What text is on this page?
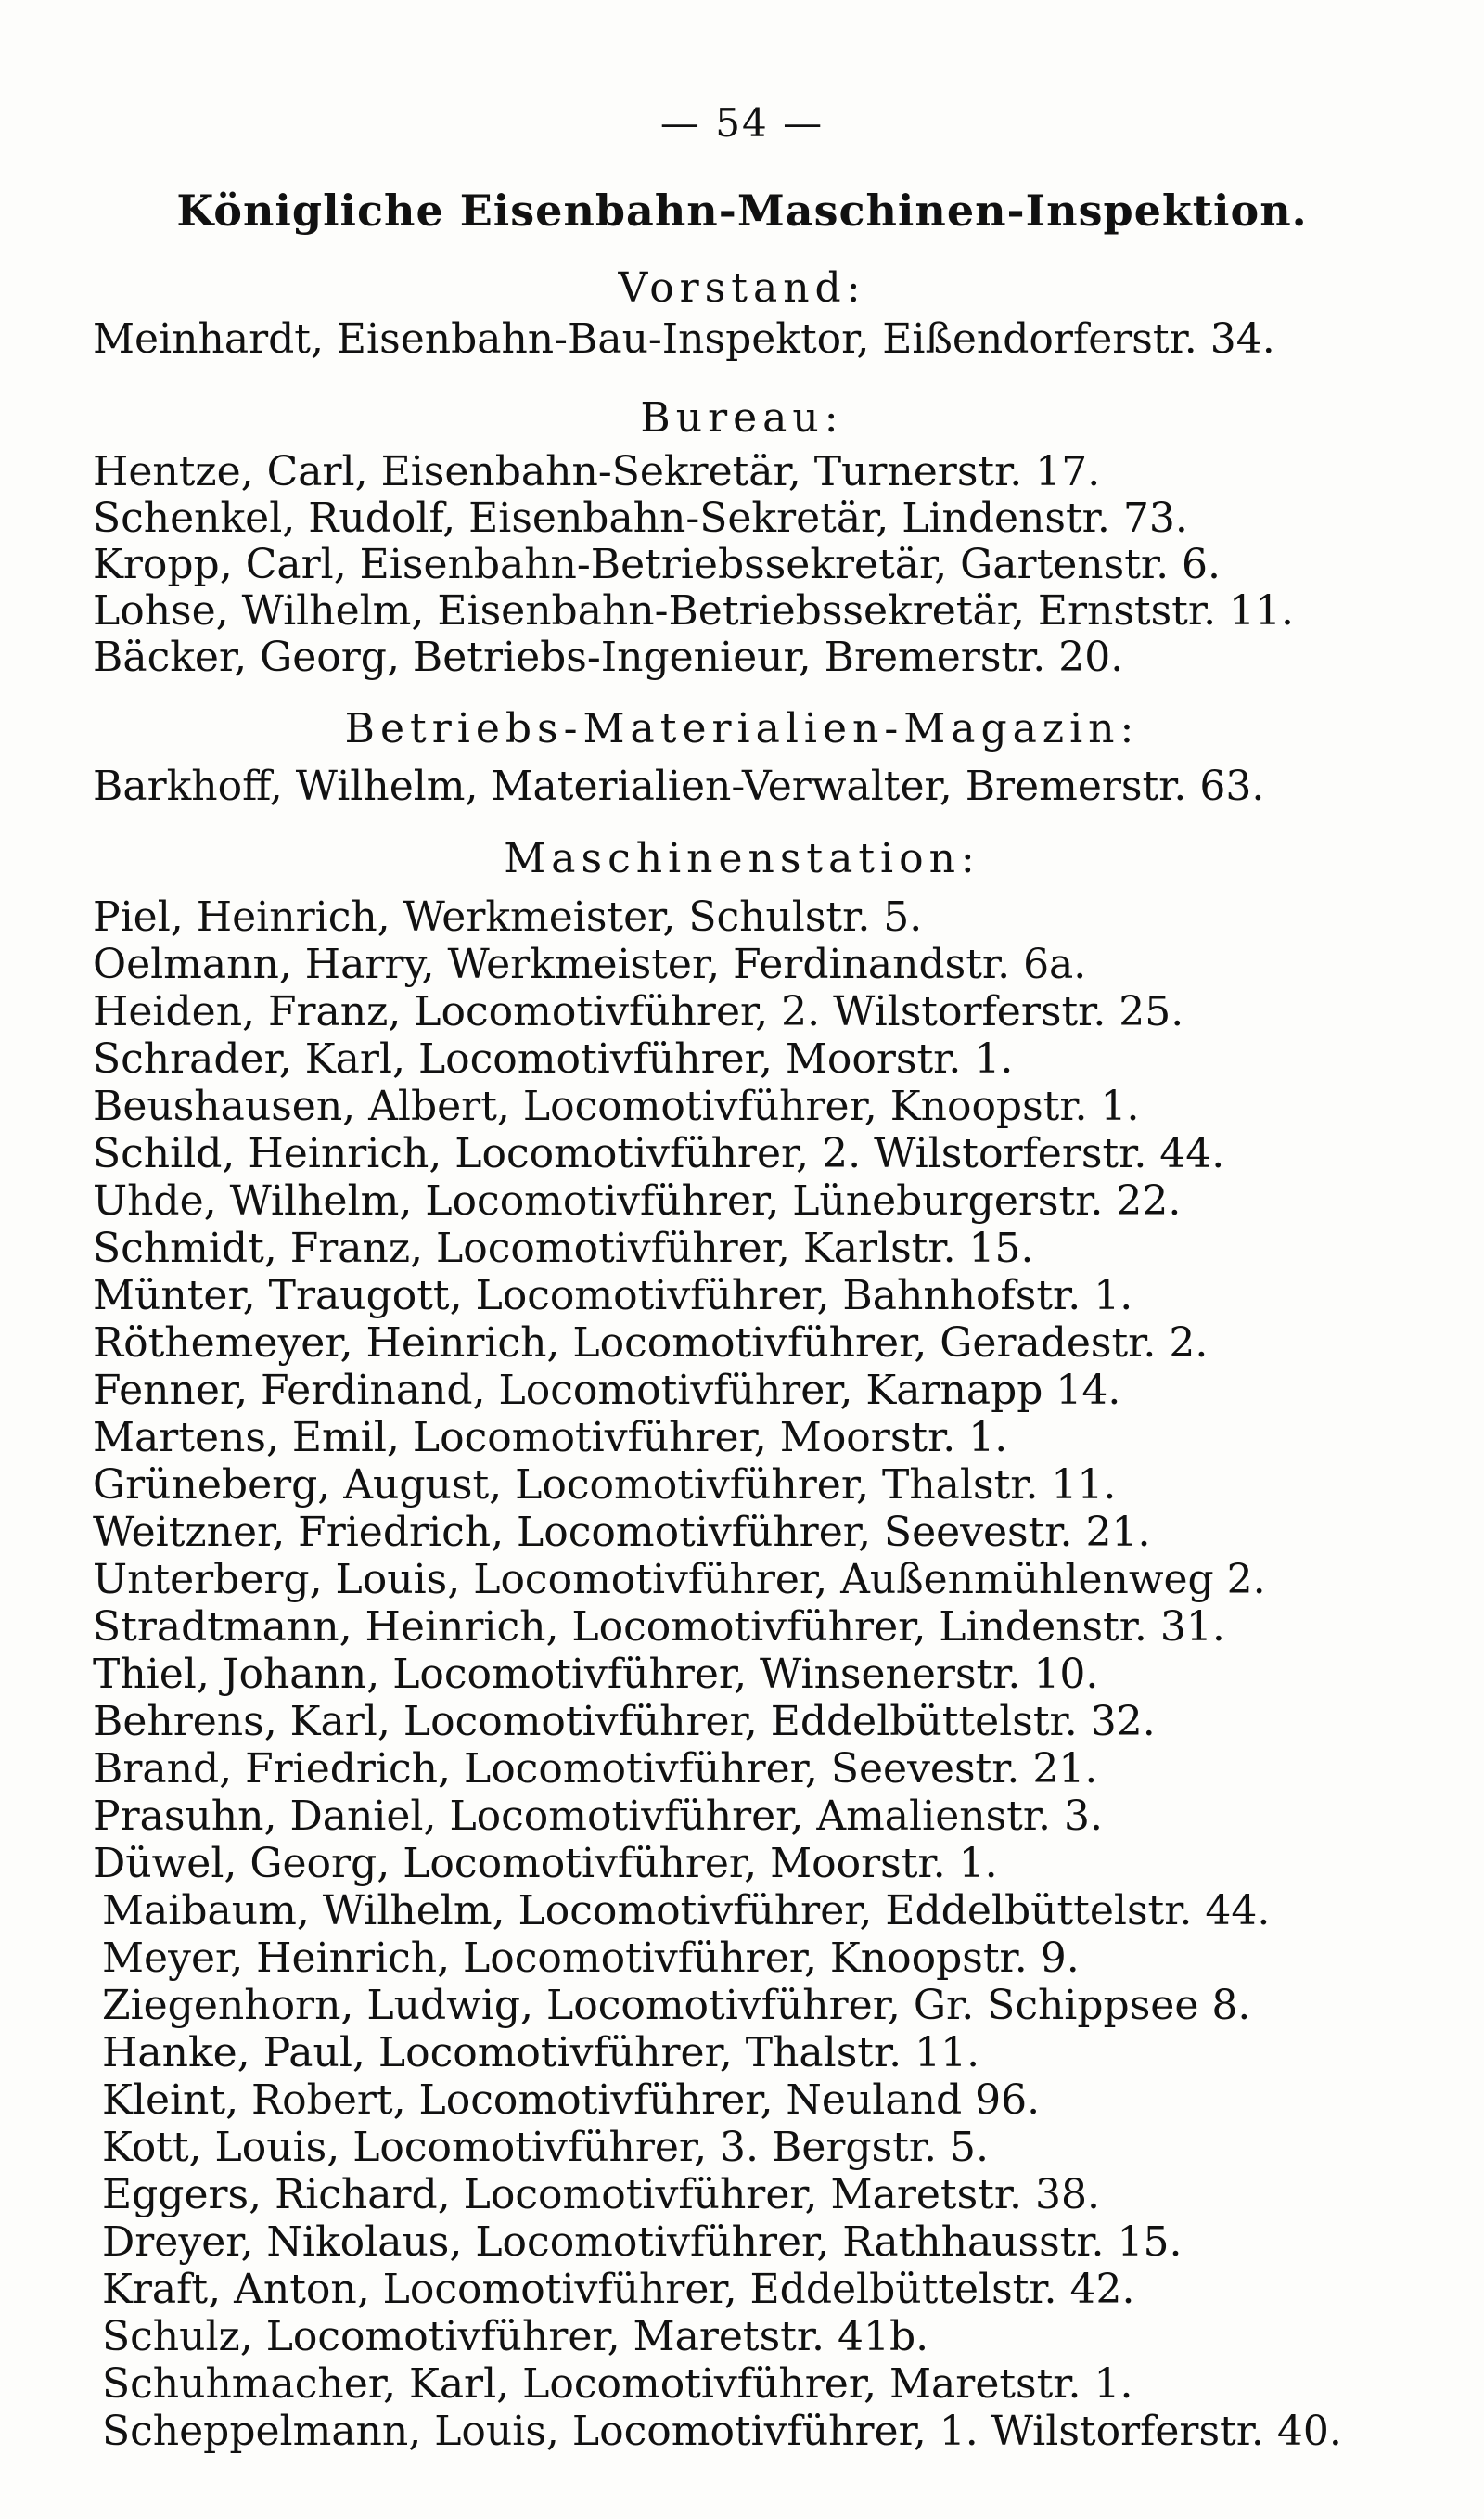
— 54 —
Königliche Eisenbahn-Maschinen-Inspektion.
Vorstand:
Meinhardt, Eisenbahn-Bau-Inspektor, Eißendorferstr. 34.
Bureau:
Hentze, Carl, Eisenbahn-Sekretär, Turnerstr. 17.
Schenkel, Rudolf, Eisenbahn-Sekretär, Lindenstr. 73.
Kropp, Carl, Eisenbahn-Betriebssekretär, Gartenstr. 6.
Lohse, Wilhelm, Eisenbahn-Betriebssekretär, Ernststr. 11.
Bäcker, Georg, Betriebs-Ingenieur, Bremerstr. 20.
Betriebs-Materialien-Magazin:
Barkhoff, Wilhelm, Materialien-Verwalter, Bremerstr. 63.
Maschinenstation:
Piel, Heinrich, Werkmeister, Schulstr. 5.
Oelmann, Harry, Werkmeister, Ferdinandstr. 6a.
Heiden, Franz, Locomotivführer, 2. Wilstorferstr. 25.
Schrader, Karl, Locomotivführer, Moorstr. 1.
Beushausen, Albert, Locomotivführer, Knoopstr. 1.
Schild, Heinrich, Locomotivführer, 2. Wilstorferstr. 44.
Uhde, Wilhelm, Locomotivführer, Lüneburgerstr. 22.
Schmidt, Franz, Locomotivführer, Karlstr. 15.
Münter, Traugott, Locomotivführer, Bahnhofstr. 1.
Röthemeyer, Heinrich, Locomotivführer, Geradestr. 2.
Fenner, Ferdinand, Locomotivführer, Karnapp 14.
Martens, Emil, Locomotivführer, Moorstr. 1.
Grüneberg, August, Locomotivführer, Thalstr. 11.
Weitzner, Friedrich, Locomotivführer, Seevestr. 21.
Unterberg, Louis, Locomotivführer, Außenmühlenweg 2.
Stradtmann, Heinrich, Locomotivführer, Lindenstr. 31.
Thiel, Johann, Locomotivführer, Winsenerstr. 10.
Behrens, Karl, Locomotivführer, Eddelbüttelstr. 32.
Brand, Friedrich, Locomotivführer, Seevestr. 21.
Prasuhn, Daniel, Locomotivführer, Amalienstr. 3.
Düwel, Georg, Locomotivführer, Moorstr. 1.
Maibaum, Wilhelm, Locomotivführer, Eddelbüttelstr. 44.
Meyer, Heinrich, Locomotivführer, Knoopstr. 9.
Ziegenhorn, Ludwig, Locomotivführer, Gr. Schippsee 8.
Hanke, Paul, Locomotivführer, Thalstr. 11.
Kleint, Robert, Locomotivführer, Neuland 96.
Kott, Louis, Locomotivführer, 3. Bergstr. 5.
Eggers, Richard, Locomotivführer, Maretstr. 38.
Dreyer, Nikolaus, Locomotivführer, Rathhausstr. 15.
Kraft, Anton, Locomotivführer, Eddelbüttelstr. 42.
Schulz, Locomotivführer, Maretstr. 41b.
Schuhmacher, Karl, Locomotivführer, Maretstr. 1.
Scheppelmann, Louis, Locomotivführer, 1. Wilstorferstr. 40.
